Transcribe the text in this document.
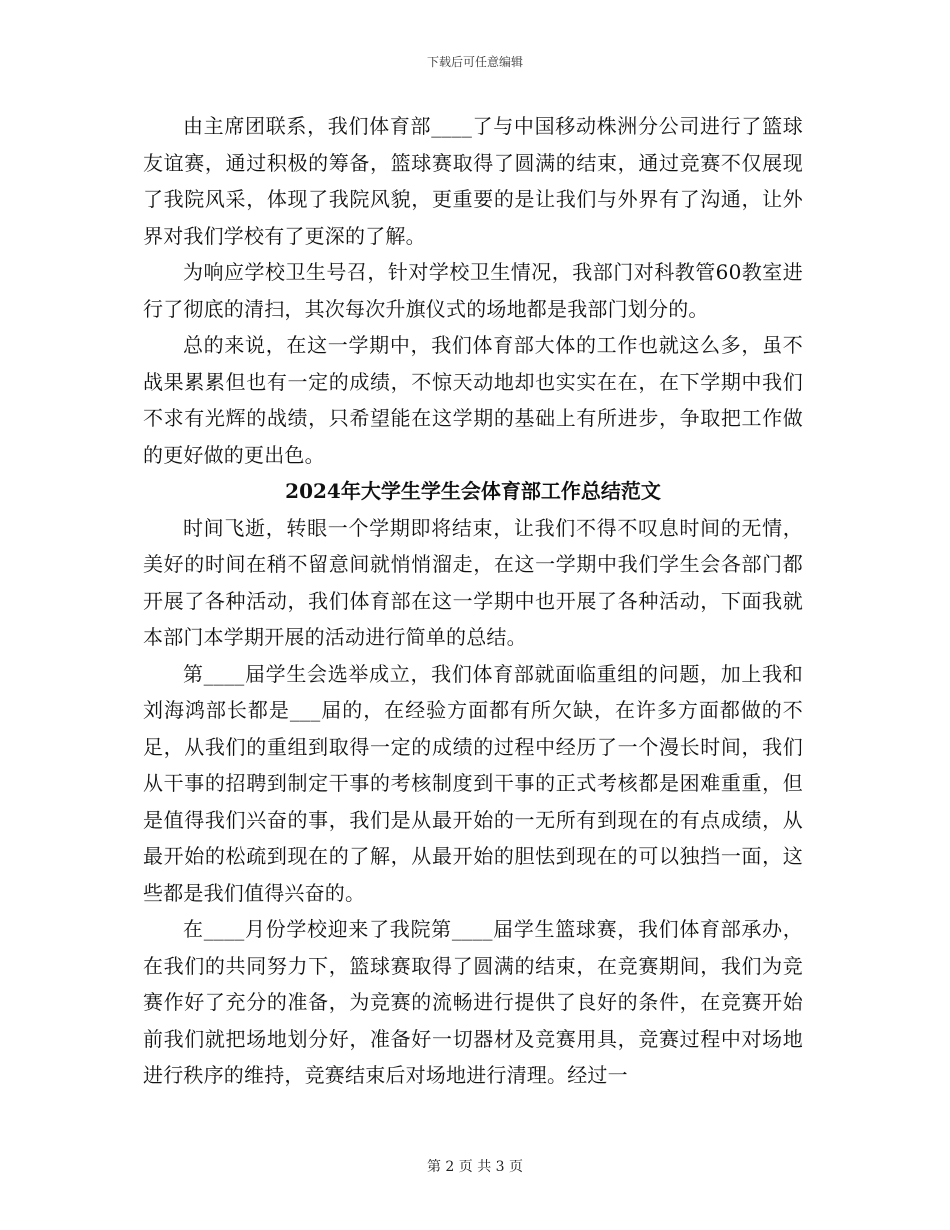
下载后可任意编辑

由主席团联系，我们体育部____了与中国移动株洲分公司进行了篮球友谊赛，通过积极的筹备，篮球赛取得了圆满的结束，通过竞赛不仅展现了我院风采，体现了我院风貌，更重要的是让我们与外界有了沟通，让外界对我们学校有了更深的了解。

为响应学校卫生号召，针对学校卫生情况，我部门对科教管60教室进行了彻底的清扫，其次每次升旗仪式的场地都是我部门划分的。

总的来说，在这一学期中，我们体育部大体的工作也就这么多，虽不战果累累但也有一定的成绩，不惊天动地却也实实在在，在下学期中我们不求有光辉的战绩，只希望能在这学期的基础上有所进步，争取把工作做的更好做的更出色。

2024年大学生学生会体育部工作总结范文

时间飞逝，转眼一个学期即将结束，让我们不得不叹息时间的无情，美好的时间在稍不留意间就悄悄溜走，在这一学期中我们学生会各部门都开展了各种活动，我们体育部在这一学期中也开展了各种活动，下面我就本部门本学期开展的活动进行简单的总结。

第____届学生会选举成立，我们体育部就面临重组的问题，加上我和刘海鸿部长都是___届的，在经验方面都有所欠缺，在许多方面都做的不足，从我们的重组到取得一定的成绩的过程中经历了一个漫长时间，我们从干事的招聘到制定干事的考核制度到干事的正式考核都是困难重重，但是值得我们兴奋的事，我们是从最开始的一无所有到现在的有点成绩，从最开始的松疏到现在的了解，从最开始的胆怯到现在的可以独挡一面，这些都是我们值得兴奋的。

在____月份学校迎来了我院第____届学生篮球赛，我们体育部承办，在我们的共同努力下，篮球赛取得了圆满的结束，在竞赛期间，我们为竞赛作好了充分的准备，为竞赛的流畅进行提供了良好的条件，在竞赛开始前我们就把场地划分好，准备好一切器材及竞赛用具，竞赛过程中对场地进行秩序的维持，竞赛结束后对场地进行清理。经过一

第 2 页 共 3 页
